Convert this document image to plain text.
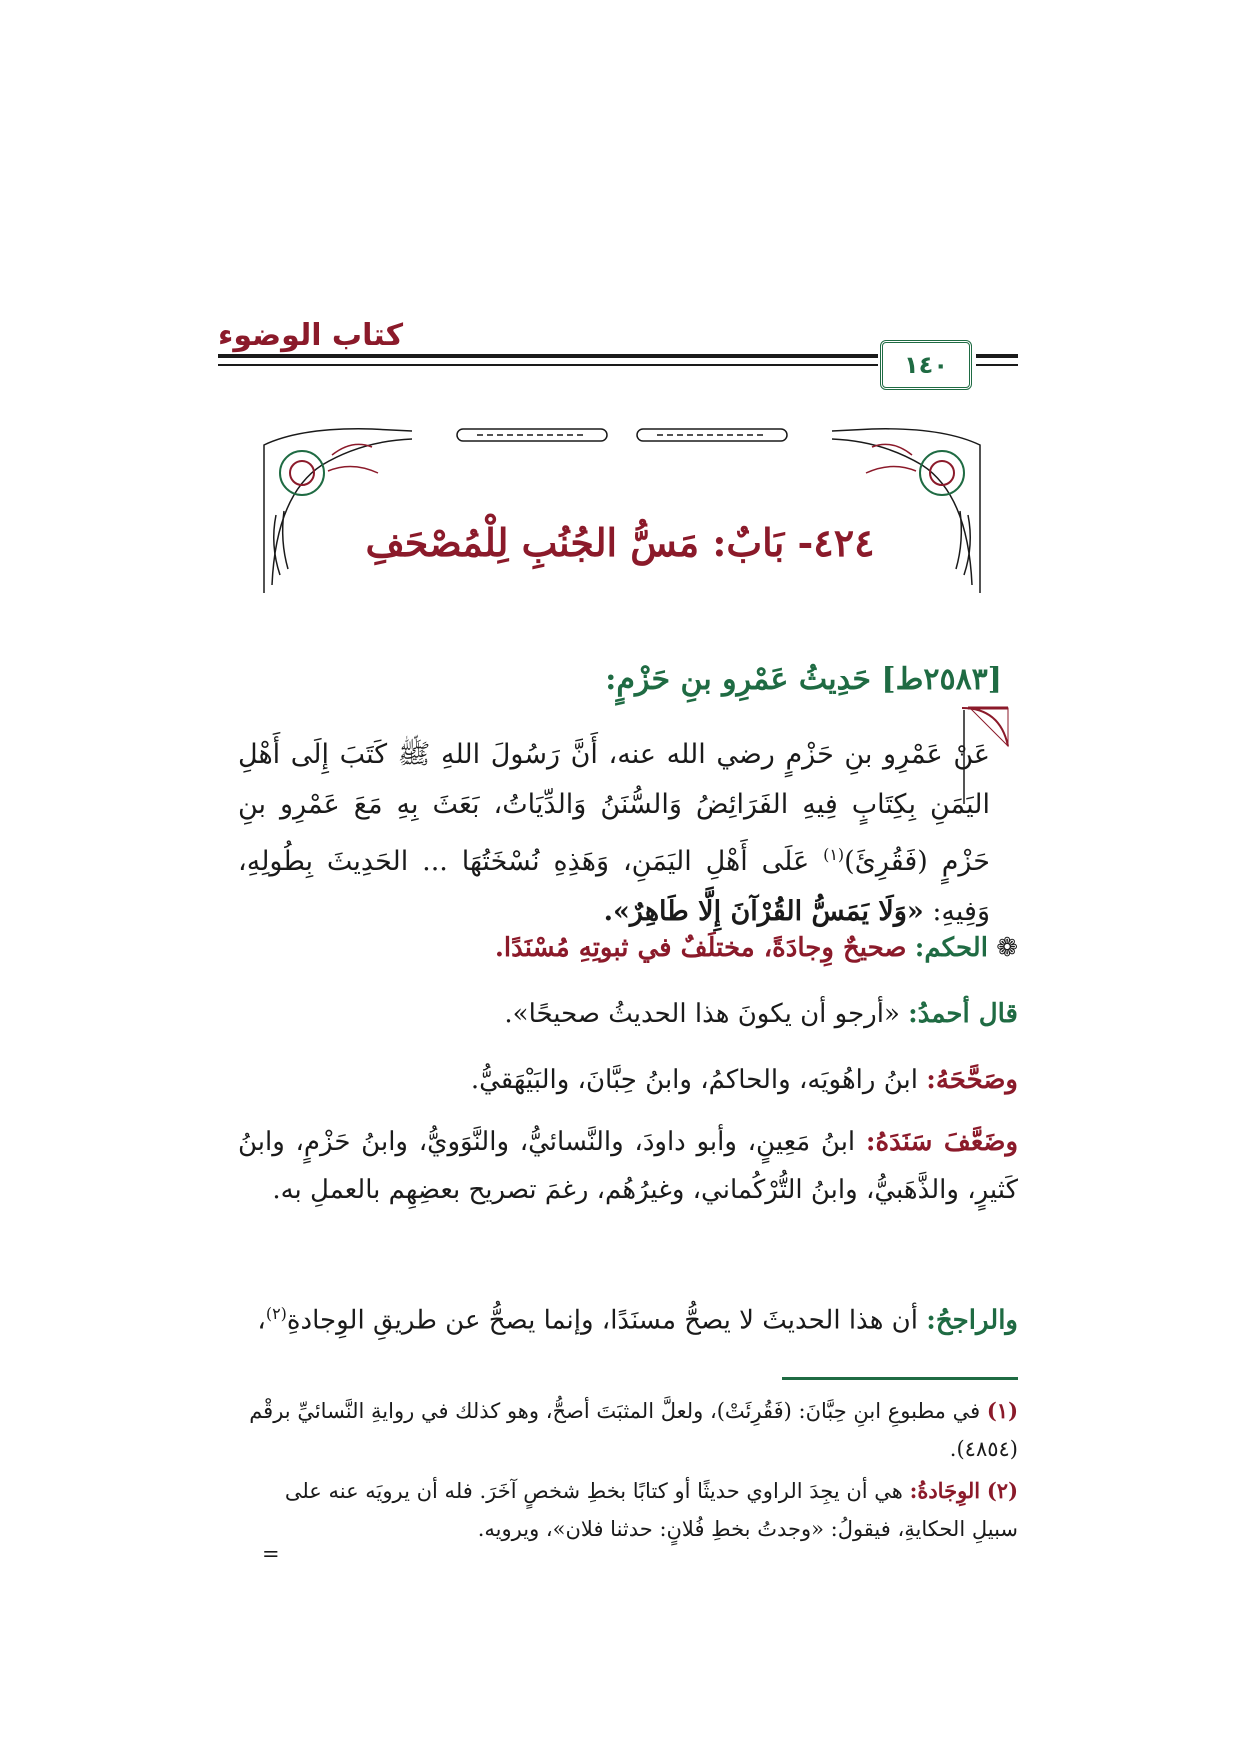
كتاب الوضوء
١٤٠
٤٢٤- بَابٌ: مَسُّ الجُنُبِ لِلْمُصْحَفِ
[٢٥٨٣ط] حَدِيثُ عَمْرِو بنِ حَزْمٍ:
عَنْ عَمْرِو بنِ حَزْمٍ رضي الله عنه، أَنَّ رَسُولَ اللهِ ﷺ كَتَبَ إِلَى أَهْلِ اليَمَنِ بِكِتَابٍ فِيهِ الفَرَائِضُ وَالسُّنَنُ وَالدِّيَاتُ، بَعَثَ بِهِ مَعَ عَمْرِو بنِ حَزْمٍ (فَقُرِئَ)$^{(١)}$ عَلَى أَهْلِ اليَمَنِ، وَهَذِهِ نُسْخَتُهَا ... الحَدِيثَ بِطُولِهِ، وَفِيهِ: «وَلَا يَمَسُّ القُرْآنَ إِلَّا طَاهِرٌ».
❁ الحكم: صحيحٌ وِجادَةً، مختلَفٌ في ثبوتِهِ مُسْنَدًا.
قال أحمدُ: «أرجو أن يكونَ هذا الحديثُ صحيحًا».
وصَحَّحَهُ: ابنُ راهُويَه، والحاكمُ، وابنُ حِبَّانَ، والبَيْهَقيُّ.
وضَعَّفَ سَنَدَهُ: ابنُ مَعِينٍ، وأبو داودَ، والنَّسائيُّ، والنَّوَويُّ، وابنُ حَزْمٍ، وابنُ كَثيرٍ، والذَّهَبيُّ، وابنُ التُّرْكُماني، وغيرُهُم، رغمَ تصريح بعضِهِم بالعملِ به.
والراجحُ: أن هذا الحديثَ لا يصحُّ مسنَدًا، وإنما يصحُّ عن طريقِ الوِجادةِ$^{(٢)}$،
(١) في مطبوعِ ابنِ حِبَّانَ: (فَقُرِئَتْ)، ولعلَّ المثبَتَ أصحُّ، وهو كذلك في روايةِ النَّسائيِّ برقْم (٤٨٥٤).
(٢) الوِجَادةُ: هي أن يجِدَ الراوي حديثًا أو كتابًا بخطِ شخصٍ آخَرَ. فله أن يرويَه عنه على سبيلِ الحكايةِ، فيقولُ: «وجدتُ بخطِ فُلانٍ: حدثنا فلان»، ويرويه.
=
